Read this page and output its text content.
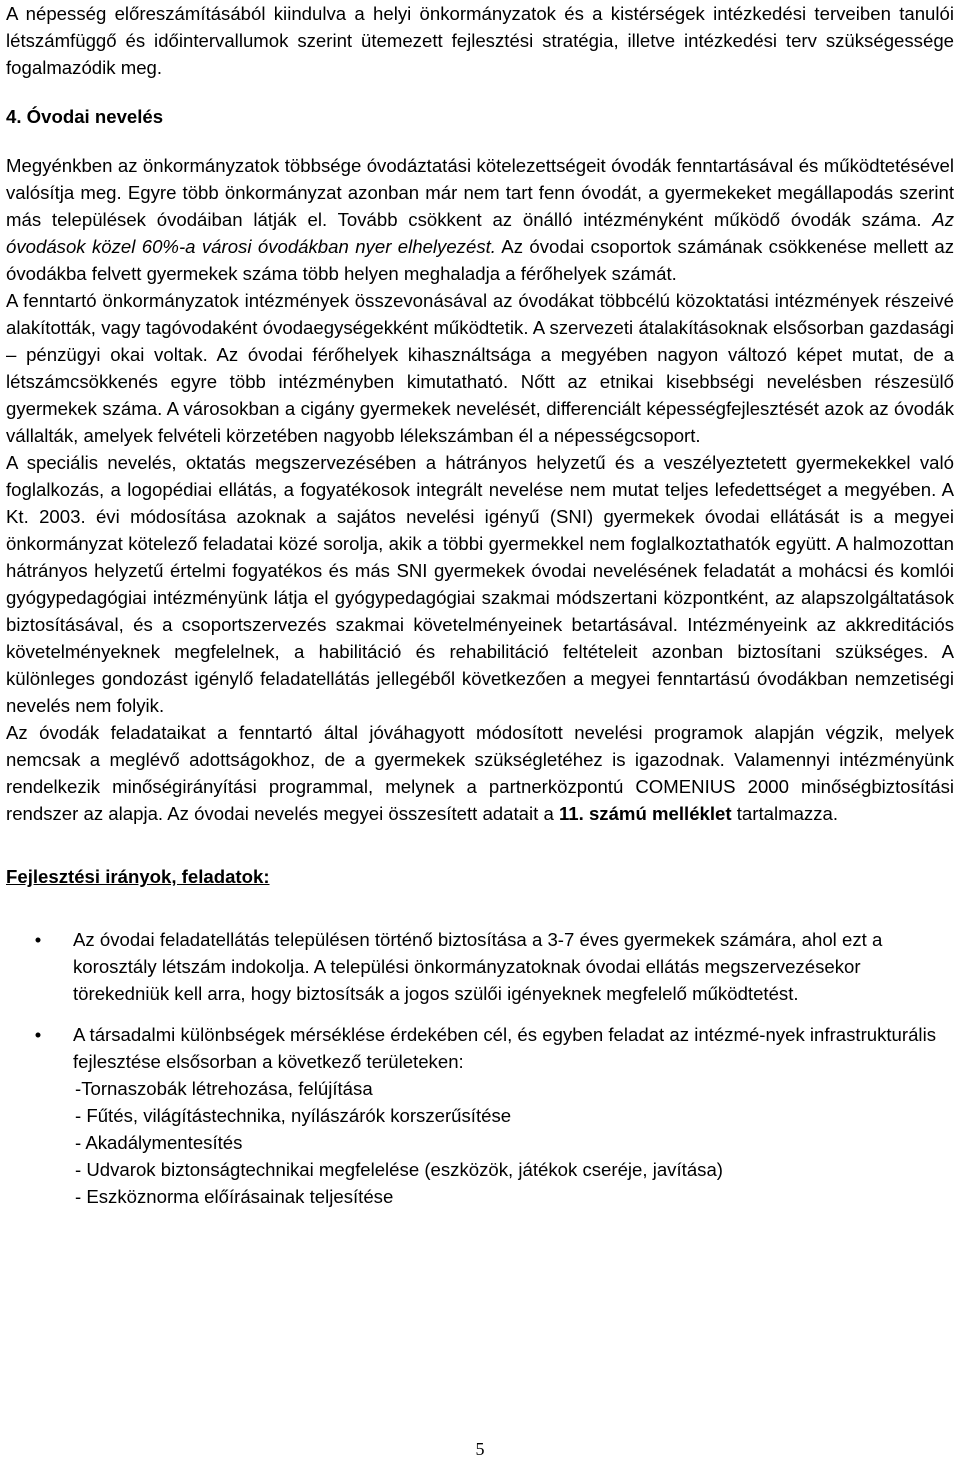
A népesség előreszámításából kiindulva a helyi önkormányzatok és a kistérségek intézkedési terveiben tanulói létszámfüggő és időintervallumok szerint ütemezett fejlesztési stratégia, illetve intézkedési terv szükségessége fogalmazódik meg.

4. Óvodai nevelés

Megyénkben az önkormányzatok többsége óvodáztatási kötelezettségeit óvodák fenntartásával és működtetésével valósítja meg. Egyre több önkormányzat azonban már nem tart fenn óvodát, a gyermekeket megállapodás szerint más települések óvodáiban látják el. Tovább csökkent az önálló intézményként működő óvodák száma. Az óvodások közel 60%-a városi óvodákban nyer elhelyezést. Az óvodai csoportok számának csökkenése mellett az óvodákba felvett gyermekek száma több helyen meghaladja a férőhelyek számát.

A fenntartó önkormányzatok intézmények összevonásával az óvodákat többcélú közoktatási intézmények részeivé alakították, vagy tagóvodaként óvodaegységekként működtetik. A szervezeti átalakításoknak elsősorban gazdasági – pénzügyi okai voltak. Az óvodai férőhelyek kihasználtsága a megyében nagyon változó képet mutat, de a létszámcsökkenés egyre több intézményben kimutatható. Nőtt az etnikai kisebbségi nevelésben részesülő gyermekek száma. A városokban a cigány gyermekek nevelését, differenciált képességfejlesztését azok az óvodák vállalták, amelyek felvételi körzetében nagyobb lélekszámban él a népességcsoport.

A speciális nevelés, oktatás megszervezésében a hátrányos helyzetű és a veszélyeztetett gyermekekkel való foglalkozás, a logopédiai ellátás, a fogyatékosok integrált nevelése nem mutat teljes lefedettséget a megyében. A Kt. 2003. évi módosítása azoknak a sajátos nevelési igényű (SNI) gyermekek óvodai ellátását is a megyei önkormányzat kötelező feladatai közé sorolja, akik a többi gyermekkel nem foglalkoztathatók együtt. A halmozottan hátrányos helyzetű értelmi fogyatékos és más SNI gyermekek óvodai nevelésének feladatát a mohácsi és komlói gyógypedagógiai intézményünk látja el gyógypedagógiai szakmai módszertani központként, az alapszolgáltatások biztosításával, és a csoportszervezés szakmai követelményeinek betartásával. Intézményeink az akkreditációs követelményeknek megfelelnek, a habilitáció és rehabilitáció feltételeit azonban biztosítani szükséges. A különleges gondozást igénylő feladatellátás jellegéből következően a megyei fenntartású óvodákban nemzetiségi nevelés nem folyik.

Az óvodák feladataikat a fenntartó által jóváhagyott módosított nevelési programok alapján végzik, melyek nemcsak a meglévő adottságokhoz, de a gyermekek szükségletéhez is igazodnak. Valamennyi intézményünk rendelkezik minőségirányítási programmal, melynek a partnerközpontú COMENIUS 2000 minőségbiztosítási rendszer az alapja. Az óvodai nevelés megyei összesített adatait a 11. számú melléklet tartalmazza.

Fejlesztési irányok, feladatok:

• Az óvodai feladatellátás településen történő biztosítása a 3-7 éves gyermekek számára, ahol ezt a korosztály létszám indokolja. A települési önkormányzatoknak óvodai ellátás megszervezésekor törekedniük kell arra, hogy biztosítsák a jogos szülői igényeknek megfelelő működtetést.

• A társadalmi különbségek mérséklése érdekében cél, és egyben feladat az intézmé-nyek infrastrukturális fejlesztése elsősorban a következő területeken:

-Tornaszobák létrehozása, felújítása
- Fűtés, világítástechnika, nyílászárók korszerűsítése
- Akadálymentesítés
- Udvarok biztonságtechnikai megfelelése (eszközök, játékok cseréje, javítása)
- Eszköznorma előírásainak teljesítése
5
